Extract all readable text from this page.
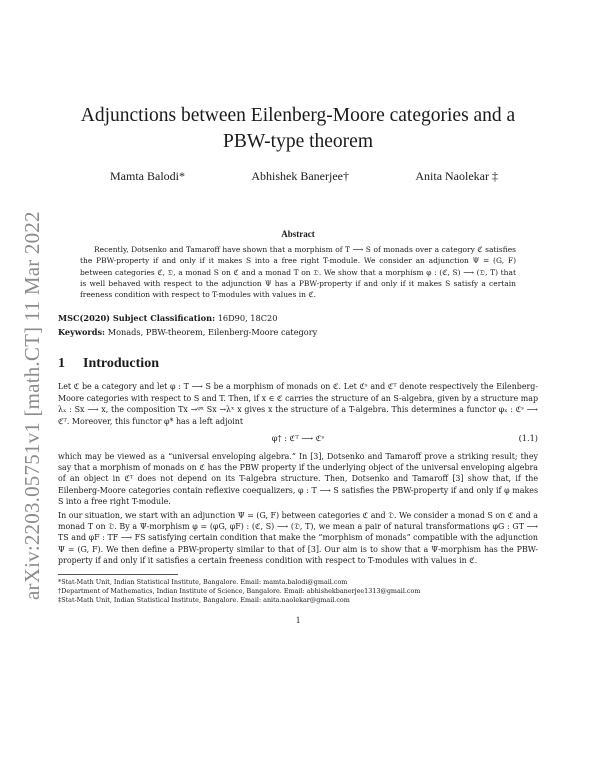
arXiv:2203.05751v1 [math.CT] 11 Mar 2022
Adjunctions between Eilenberg-Moore categories and a PBW-type theorem
Mamta Balodi*	Abhishek Banerjee†	Anita Naolekar ‡
Abstract
Recently, Dotsenko and Tamaroff have shown that a morphism of T ⟶ S of monads over a category ℭ satisfies the PBW-property if and only if it makes S into a free right T-module. We consider an adjunction Ψ = (G, F) between categories ℭ, 𝔇, a monad S on ℭ and a monad T on 𝔇. We show that a morphism φ : (ℭ, S) ⟶ (𝔇, T) that is well behaved with respect to the adjunction Ψ has a PBW-property if and only if it makes S satisfy a certain freeness condition with respect to T-modules with values in ℭ.
MSC(2020) Subject Classification: 16D90, 18C20
Keywords: Monads, PBW-theorem, Eilenberg-Moore category
1 Introduction

Let ℭ be a category and let φ : T ⟶ S be a morphism of monads on ℭ. Let ℭˢ and ℭᵀ denote respectively the Eilenberg-Moore categories with respect to S and T. Then, if x ∈ ℭ carries the structure of an S-algebra, given by a structure map λₓ : Sx ⟶ x, the composition Tx →ᵠˣ Sx →λˣ x gives x the structure of a T-algebra. This determines a functor φₓ : ℭˢ ⟶ ℭᵀ. Moreover, this functor φ* has a left adjoint

φ† : ℭᵀ ⟶ ℭˢ	(1.1)

which may be viewed as a “universal enveloping algebra.” In [3], Dotsenko and Tamaroff prove a striking result; they say that a morphism of monads on ℭ has the PBW property if the underlying object of the universal enveloping algebra of an object in ℭᵀ does not depend on its T-algebra structure. Then, Dotsenko and Tamaroff [3] show that, if the Eilenberg-Moore categories contain reflexive coequalizers, φ : T ⟶ S satisfies the PBW-property if and only if φ makes S into a free right T-module.

In our situation, we start with an adjunction Ψ = (G, F) between categories ℭ and 𝔇. We consider a monad S on ℭ and a monad T on 𝔇. By a Ψ-morphism φ = (φG, φF) : (ℭ, S) ⟶ (𝔇, T), we mean a pair of natural transformations φG : GT ⟶ TS and φF : TF ⟶ FS satisfying certain condition that make the “morphism of monads” compatible with the adjunction Ψ = (G, F). We then define a PBW-property similar to that of [3]. Our aim is to show that a Ψ-morphism has the PBW-property if and only if it satisfies a certain freeness condition with respect to T-modules with values in ℭ.

*Stat-Math Unit, Indian Statistical Institute, Bangalore. Email: mamta.balodi@gmail.com
†Department of Mathematics, Indian Institute of Science, Bangalore. Email: abhishekbanerjee1313@gmail.com
‡Stat-Math Unit, Indian Statistical Institute, Bangalore. Email: anita.naolekar@gmail.com
1
